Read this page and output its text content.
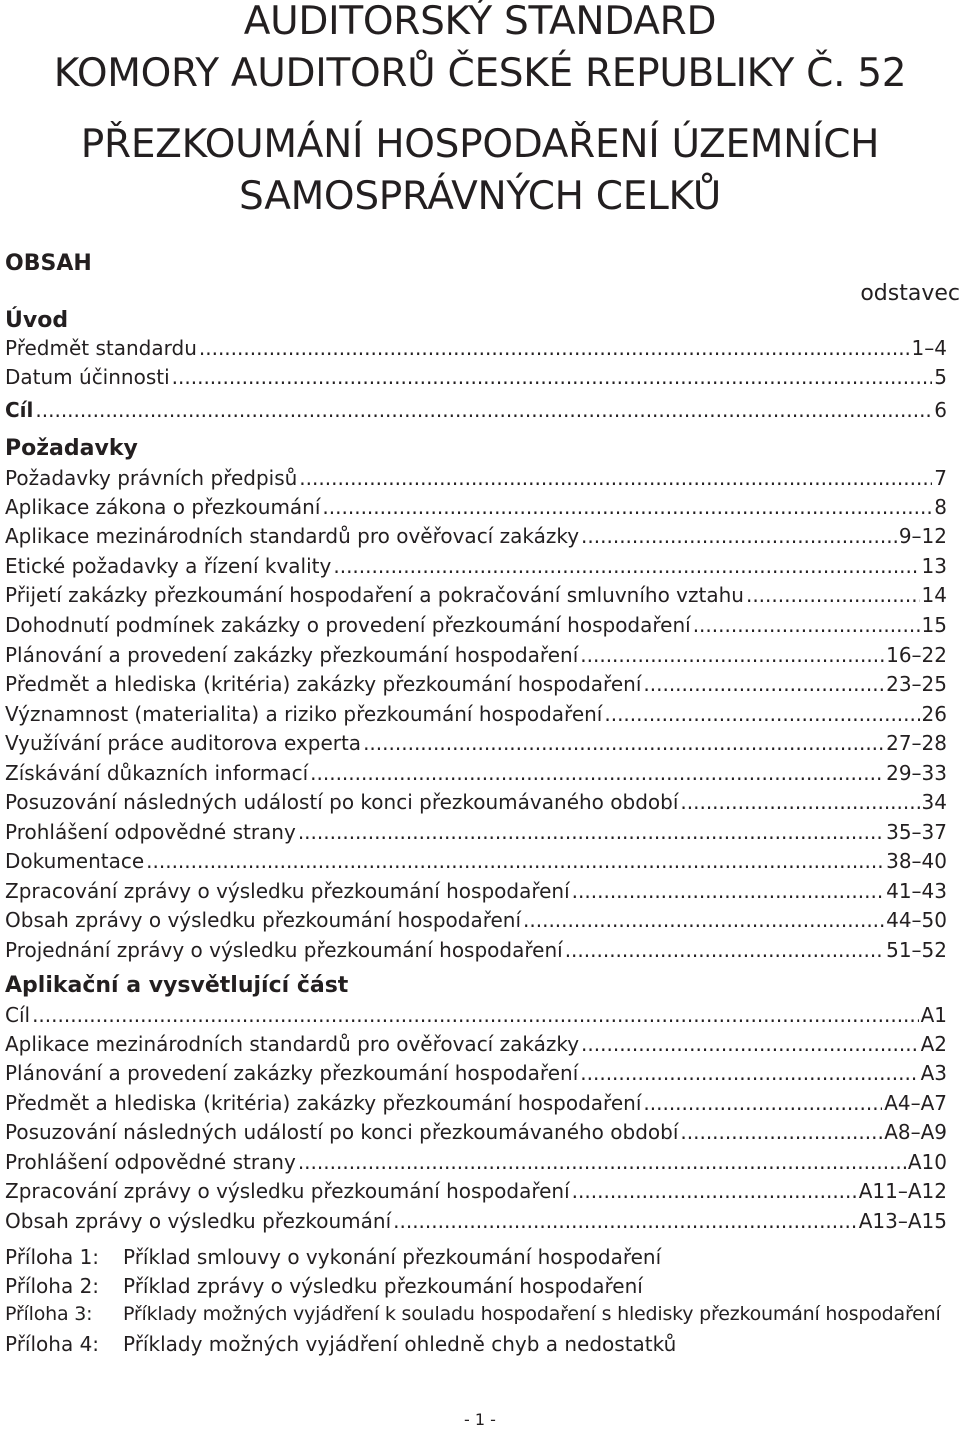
AUDITORSKÝ STANDARD
KOMORY AUDITORŮ ČESKÉ REPUBLIKY Č. 52
PŘEZKOUMÁNÍ HOSPODAŘENÍ ÚZEMNÍCH
SAMOSPRÁVNÝCH CELKŮ
OBSAH
odstavec
Úvod
Předmět standardu .....	1–4
Datum účinnosti .....	5
Cíl .....	6
Požadavky
Požadavky právních předpisů .....	7
Aplikace zákona o přezkoumání .....	8
Aplikace mezinárodních standardů pro ověřovací zakázky .....	9–12
Etické požadavky a řízení kvality .....	13
Přijetí zakázky přezkoumání hospodaření a pokračování smluvního vztahu .....	14
Dohodnutí podmínek zakázky o provedení přezkoumání hospodaření .....	15
Plánování a provedení zakázky přezkoumání hospodaření .....	16–22
Předmět a hlediska (kritéria) zakázky přezkoumání hospodaření .....	23–25
Významnost (materialita) a riziko přezkoumání hospodaření .....	26
Využívání práce auditorova experta .....	27–28
Získávání důkazních informací .....	29–33
Posuzování následných událostí po konci přezkoumávaného období .....	34
Prohlášení odpovědné strany .....	35–37
Dokumentace .....	38–40
Zpracování zprávy o výsledku přezkoumání hospodaření .....	41–43
Obsah zprávy o výsledku přezkoumání hospodaření .....	44–50
Projednání zprávy o výsledku přezkoumání hospodaření .....	51–52
Aplikační a vysvětlující část
Cíl .....	A1
Aplikace mezinárodních standardů pro ověřovací zakázky .....	A2
Plánování a provedení zakázky přezkoumání hospodaření .....	A3
Předmět a hlediska (kritéria) zakázky přezkoumání hospodaření .....	A4–A7
Posuzování následných událostí po konci přezkoumávaného období .....	A8–A9
Prohlášení odpovědné strany .....	A10
Zpracování zprávy o výsledku přezkoumání hospodaření .....	A11–A12
Obsah zprávy o výsledku přezkoumání .....	A13–A15
Příloha 1:	Příklad smlouvy o vykonání přezkoumání hospodaření
Příloha 2:	Příklad zprávy o výsledku přezkoumání hospodaření
Příloha 3:	Příklady možných vyjádření k souladu hospodaření s hledisky přezkoumání hospodaření
Příloha 4:	Příklady možných vyjádření ohledně chyb a nedostatků
- 1 -
